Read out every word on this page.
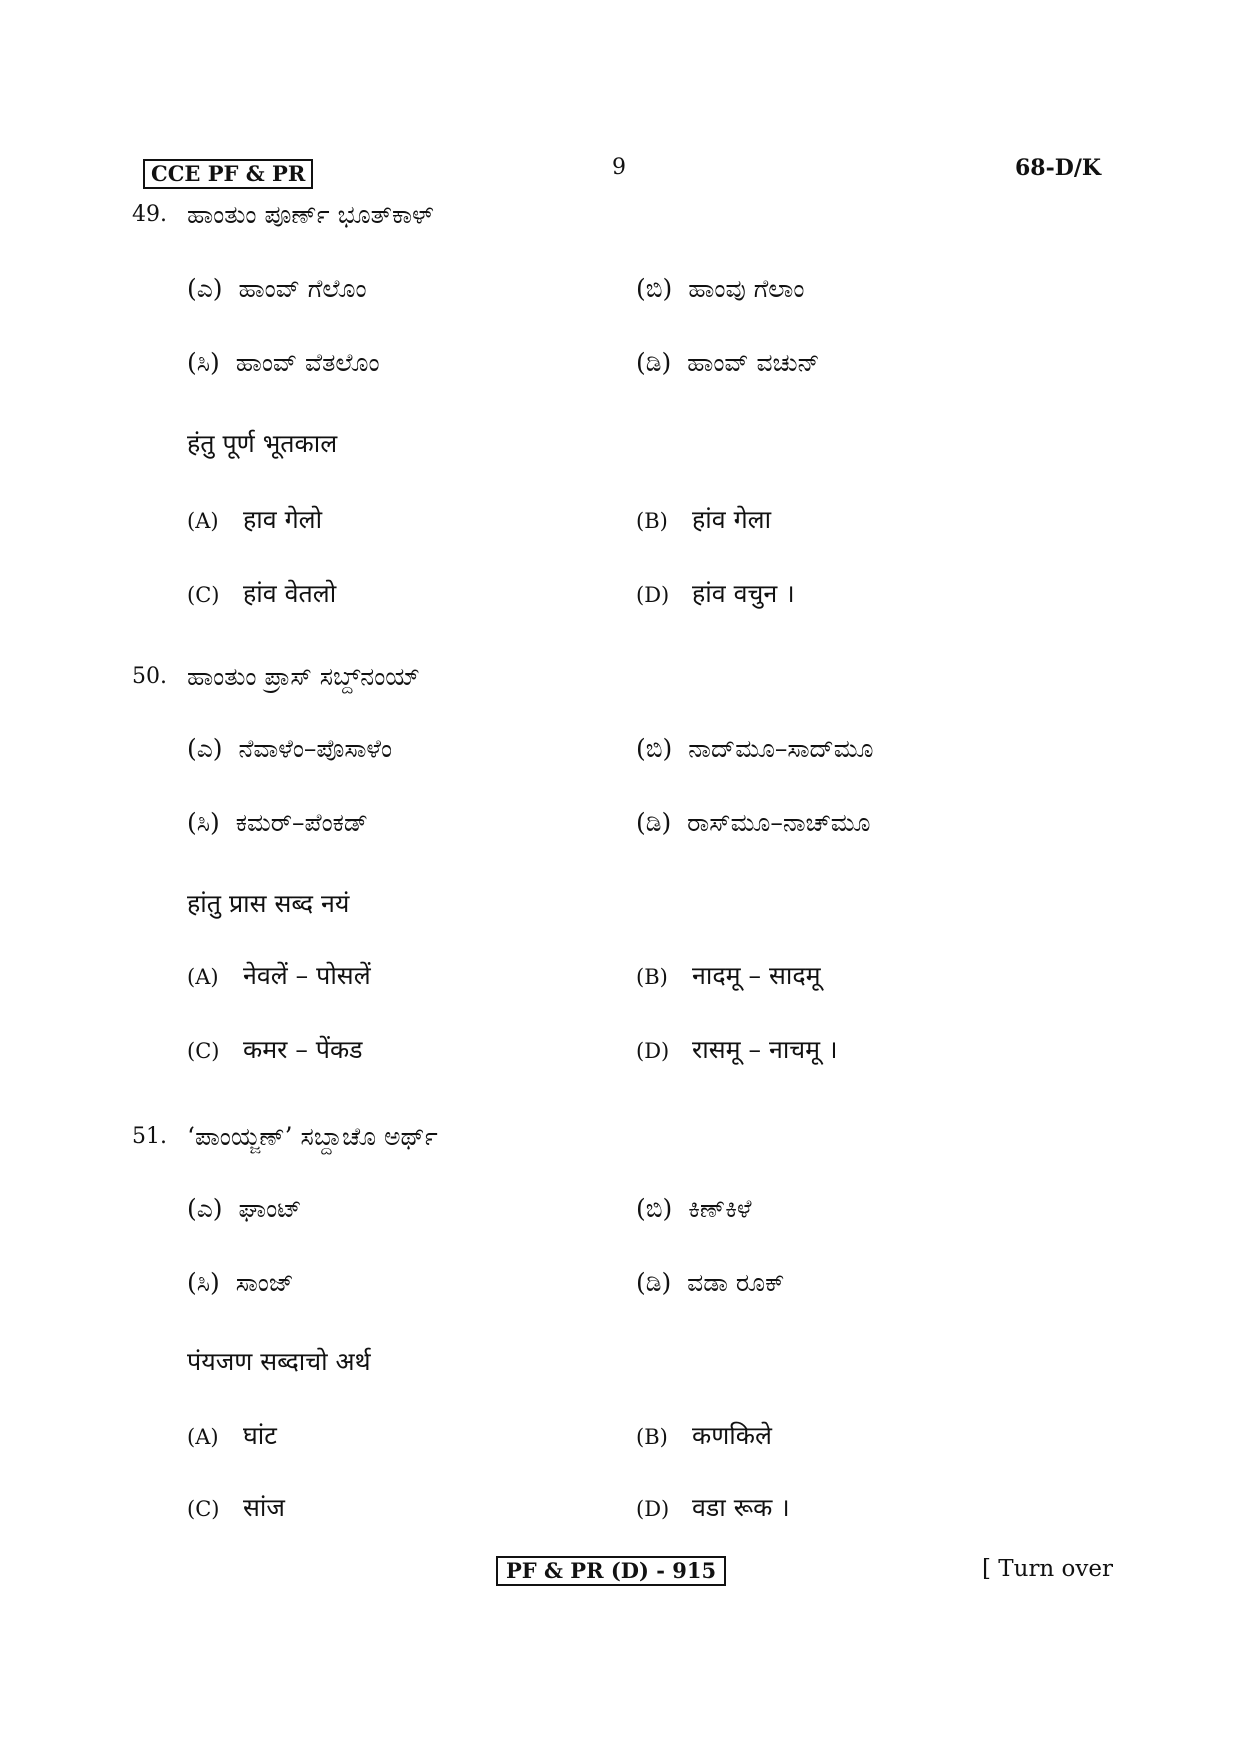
CCE PF & PR	9	68-D/K
49. ಹಾಂತುಂ ಪೂರ್ಣ್ ಭೂತ್‌ಕಾಳ್
(ಎ) ಹಾಂವ್ ಗೆಲೊಂ	(ಬಿ) ಹಾಂವು ಗೆಲಾಂ
(ಸಿ) ಹಾಂವ್ ವೆತಲೊಂ	(ಡಿ) ಹಾಂವ್ ವಚುನ್
हंतु पूर्ण भूतकाल
(A) हाव गेलो	(B) हांव गेला
(C) हांव वेतलो	(D) हांव वचुन ।
50. ಹಾಂತುಂ ಪ್ರಾಸ್ ಸಬ್ದ್‌ನಂಯ್
(ಎ) ನೆವಾಳೆಂ–ಪೊಸಾಳೆಂ	(ಬಿ) ನಾದ್‌ಮೂ–ಸಾದ್‌ಮೂ
(ಸಿ) ಕಮರ್–ಪೆಂಕಡ್	(ಡಿ) ರಾಸ್‌ಮೂ–ನಾಚ್‌ಮೂ
हांतु प्रास सब्द नयं
(A) नेवलें – पोसलें	(B) नादमू – सादमू
(C) कमर – पेंकड	(D) रासमू – नाचमू ।
51. ‘ಪಾಂಯ್ಜಣ್’ ಸಬ್ದಾಚೊ ಅರ್ಥ್
(ಎ) ಘಾಂಟ್	(ಬಿ) ಕಿಣ್‌ಕಿಳೆ
(ಸಿ) ಸಾಂಜ್	(ಡಿ) ವಡಾ ರೂಕ್
पंयजण सब्दाचो अर्थ
(A) घांट	(B) कणकिले
(C) सांज	(D) वडा रूक ।
PF & PR (D) - 915	[ Turn over
